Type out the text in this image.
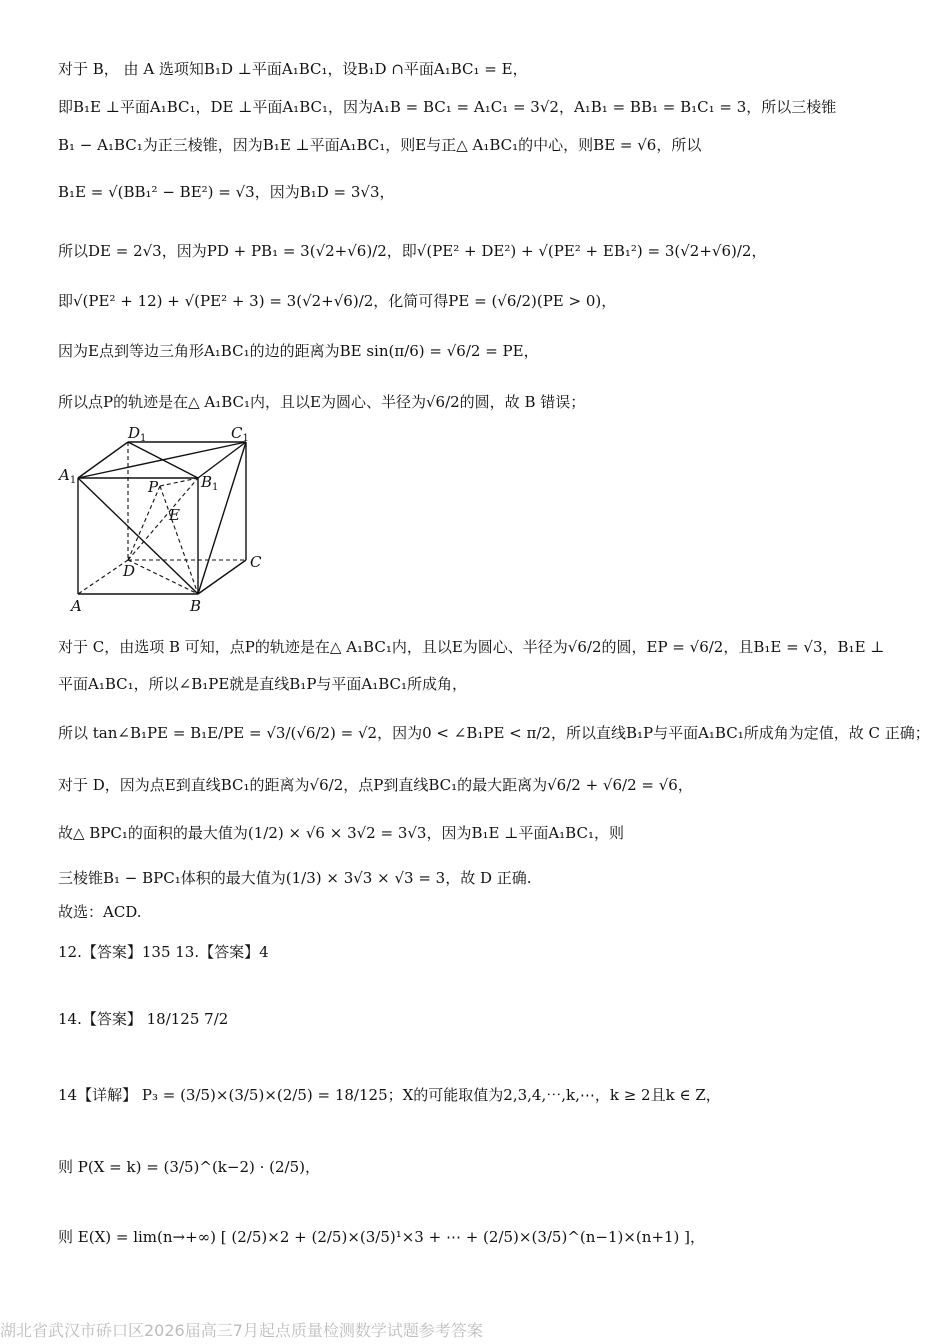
对于 B， 由 A 选项知B₁D ⊥平面A₁BC₁，设B₁D ∩平面A₁BC₁ = E，
即B₁E ⊥平面A₁BC₁，DE ⊥平面A₁BC₁，因为A₁B = BC₁ = A₁C₁ = 3√2，A₁B₁ = BB₁ = B₁C₁ = 3，所以三棱锥
B₁ − A₁BC₁为正三棱锥，因为B₁E ⊥平面A₁BC₁，则E与正△ A₁BC₁的中心，则BE = √6，所以
B₁E = √(BB₁² − BE²) = √3，因为B₁D = 3√3，
所以DE = 2√3，因为PD + PB₁ = 3(√2+√6)/2，即√(PE² + DE²) + √(PE² + EB₁²) = 3(√2+√6)/2，
即√(PE² + 12) + √(PE² + 3) = 3(√2+√6)/2，化简可得PE = (√6/2)(PE > 0)，
因为E点到等边三角形A₁BC₁的边的距离为BE sin(π/6) = √6/2 = PE，
所以点P的轨迹是在△ A₁BC₁内，且以E为圆心、半径为√6/2的圆，故 B 错误；
$D_1$	$C_1$
$A_1$	$B_1$
P
E
D	C
A	B
对于 C，由选项 B 可知，点P的轨迹是在△ A₁BC₁内，且以E为圆心、半径为√6/2的圆，EP = √6/2，且B₁E = √3，B₁E ⊥
平面A₁BC₁，所以∠B₁PE就是直线B₁P与平面A₁BC₁所成角，
所以 tan∠B₁PE = B₁E/PE = √3/(√6/2) = √2，因为0 < ∠B₁PE < π/2，所以直线B₁P与平面A₁BC₁所成角为定值，故 C 正确；
对于 D，因为点E到直线BC₁的距离为√6/2，点P到直线BC₁的最大距离为√6/2 + √6/2 = √6，
故△ BPC₁的面积的最大值为(1/2) × √6 × 3√2 = 3√3，因为B₁E ⊥平面A₁BC₁，则
三棱锥B₁ − BPC₁体积的最大值为(1/3) × 3√3 × √3 = 3，故 D 正确.
故选：ACD.
12.【答案】135 13.【答案】4
14.【答案】 18/125 7/2
14【详解】 P₃ = (3/5)×(3/5)×(2/5) = 18/125；X的可能取值为2,3,4,⋯,k,⋯，k ≥ 2且k ∈ Z，
则 P(X = k) = (3/5)^(k−2) · (2/5)，
则 E(X) = lim(n→+∞) [ (2/5)×2 + (2/5)×(3/5)¹×3 + ⋯ + (2/5)×(3/5)^(n−1)×(n+1) ]，
湖北省武汉市硚口区2026届高三7月起点质量检测数学试题参考答案
